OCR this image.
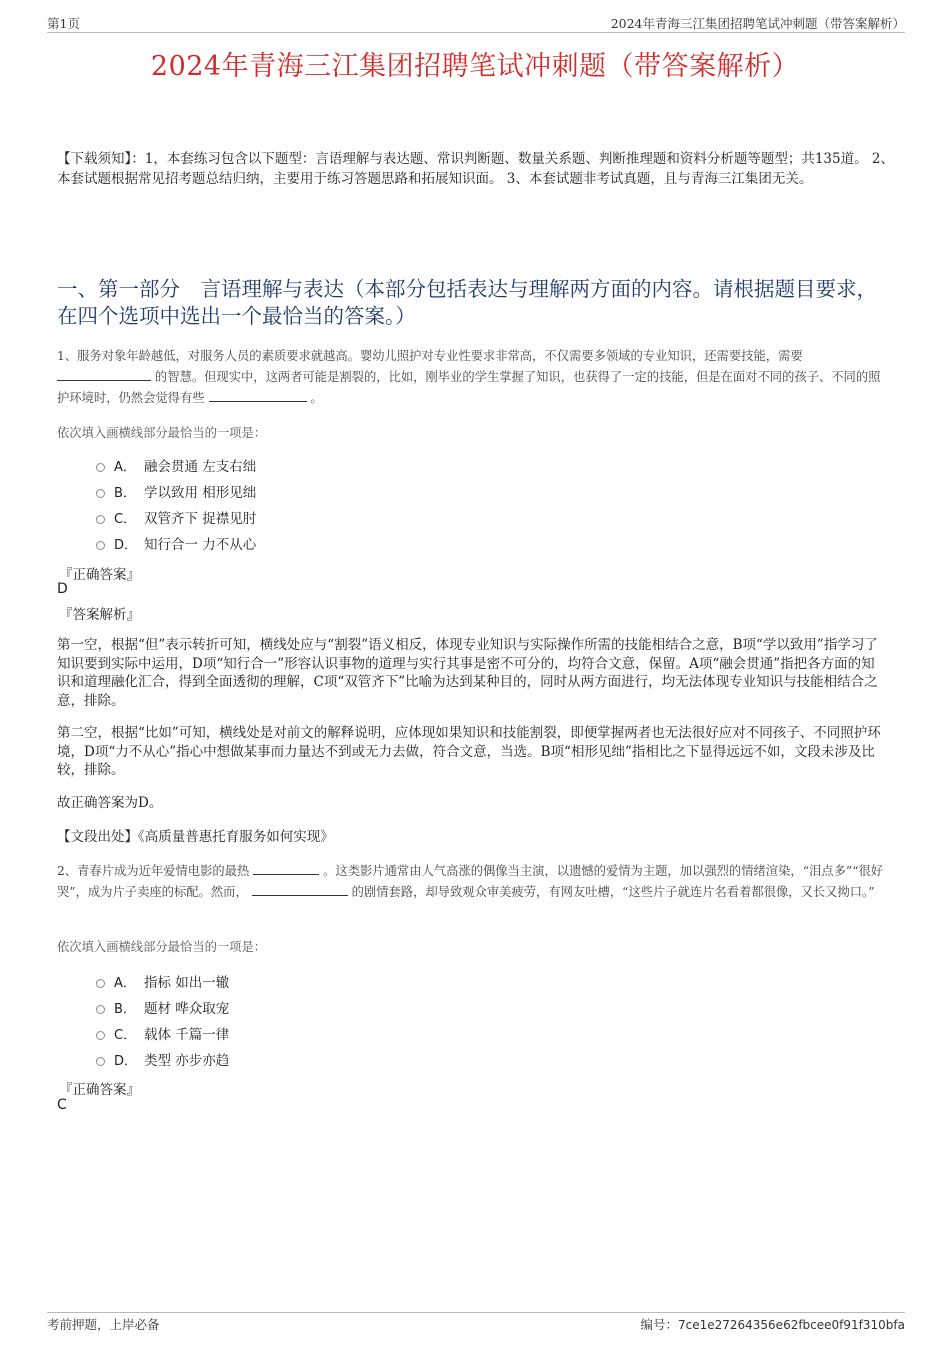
第1页	2024年青海三江集团招聘笔试冲刺题（带答案解析）
2024年青海三江集团招聘笔试冲刺题（带答案解析）
【下载须知】：1，本套练习包含以下题型：言语理解与表达题、常识判断题、数量关系题、判断推理题和资料分析题等题型；共135道。 2、本套试题根据常见招考题总结归纳，主要用于练习答题思路和拓展知识面。 3、本套试题非考试真题，且与青海三江集团无关。
一、第一部分　言语理解与表达（本部分包括表达与理解两方面的内容。请根据题目要求，在四个选项中选出一个最恰当的答案。）
1、服务对象年龄越低，对服务人员的素质要求就越高。婴幼儿照护对专业性要求非常高，不仅需要多领域的专业知识，还需要技能，需要  的智慧。但现实中，这两者可能是割裂的，比如，刚毕业的学生掌握了知识，也获得了一定的技能，但是在面对不同的孩子、不同的照护环境时，仍然会觉得有些	。
依次填入画横线部分最恰当的一项是：
A． 融会贯通 左支右绌
B． 学以致用 相形见绌
C． 双管齐下 捉襟见肘
D． 知行合一 力不从心
『正确答案』
D
『答案解析』
第一空，根据“但”表示转折可知，横线处应与“割裂”语义相反，体现专业知识与实际操作所需的技能相结合之意，B项“学以致用”指学习了知识要到实际中运用，D项“知行合一”形容认识事物的道理与实行其事是密不可分的，均符合文意，保留。A项“融会贯通”指把各方面的知识和道理融化汇合，得到全面透彻的理解，C项“双管齐下”比喻为达到某种目的，同时从两方面进行，均无法体现专业知识与技能相结合之意，排除。
第二空，根据“比如”可知，横线处是对前文的解释说明，应体现如果知识和技能割裂，即便掌握两者也无法很好应对不同孩子、不同照护环境，D项“力不从心”指心中想做某事而力量达不到或无力去做，符合文意，当选。B项“相形见绌”指相比之下显得远远不如，文段未涉及比较，排除。
故正确答案为D。
【文段出处】《高质量普惠托育服务如何实现》
2、青春片成为近年爱情电影的最热	。这类影片通常由人气高涨的偶像当主演，以遗憾的爱情为主题，加以强烈的情绪渲染，“泪点多”“很好哭”，成为片子卖座的标配。然而，	的剧情套路，却导致观众审美疲劳，有网友吐槽，“这些片子就连片名看着都很像，又长又拗口。”
依次填入画横线部分最恰当的一项是：
A． 指标 如出一辙
B． 题材 哗众取宠
C． 载体 千篇一律
D． 类型 亦步亦趋
『正确答案』
C
考前押题，上岸必备	编号：7ce1e27264356e62fbcee0f91f310bfa
